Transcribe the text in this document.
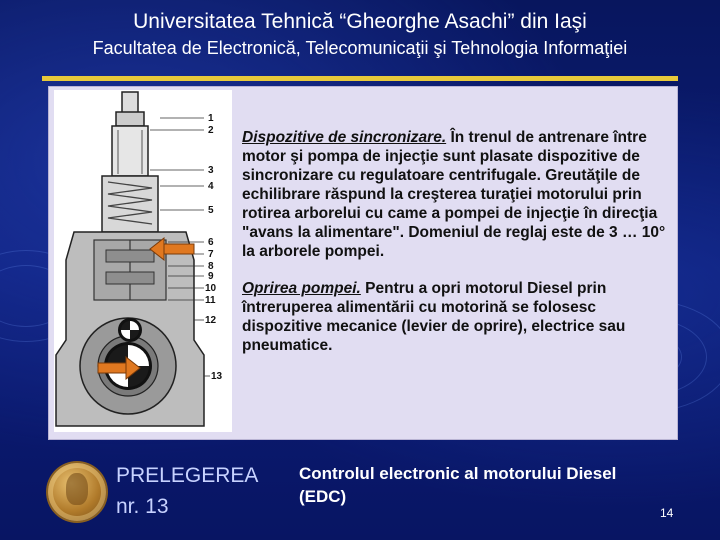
Universitatea Tehnică “Gheorghe Asachi” din Iaşi
Facultatea de Electronică, Telecomunicaţii şi Tehnologia Informaţiei
1
2
3
4
5
6
7
8
9
10
11
12
13

Dispozitive de sincronizare. În trenul de antrenare între motor şi pompa de injecţie sunt plasate dispozitive de sincronizare cu regulatoare centrifugale. Greutăţile de echilibrare răspund la creşterea turaţiei motorului prin rotirea arborelui cu came a pompei de injecţie în direcţia "avans la alimentare". Domeniul de reglaj este de 3 … 10° la arborele pompei.

Oprirea pompei. Pentru a opri motorul Diesel prin întreruperea alimentării cu motorină se folosesc dispozitive mecanice (levier de oprire), electrice sau pneumatice.

PRELEGEREA
nr. 13
Controlul electronic al motorului Diesel (EDC)
14
